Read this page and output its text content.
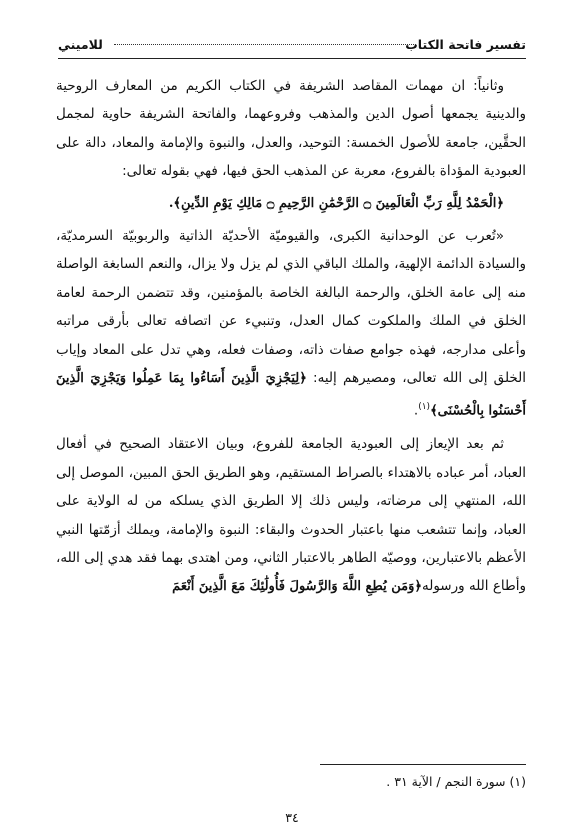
تفسير فاتحة الكتاب
للاميني

وثانياً: ان مهمات المقاصد الشريفة في الكتاب الكريم من المعارف الروحية والدينية يجمعها أصول الدين والمذهب وفروعهما، والفاتحة الشريفة حاوية لمجمل الحقَّين، جامعة للأصول الخمسة: التوحيد، والعدل، والنبوة والإمامة والمعاد، دالة على العبودية المؤداة بالفروع، معربة عن المذهب الحق فيها، فهي بقوله تعالى:

﴿الْحَمْدُ لِلَّهِ رَبِّ الْعَالَمِينَ ۝ الرَّحْمَٰنِ الرَّحِيمِ ۝ مَالِكِ يَوْمِ الدِّينِ﴾.

«تُعرب عن الوحدانية الكبرى، والقيوميّة الأحديّة الذاتية والربوبيّة السرمديّة، والسيادة الدائمة الإلهية، والملك الباقي الذي لم يزل ولا يزال، والنعم السابغة الواصلة منه إلى عامة الخلق، والرحمة البالغة الخاصة بالمؤمنين، وقد تتضمن الرحمة لعامة الخلق في الملك والملكوت كمال العدل، وتنبيء عن اتصافه تعالى بأرقى مراتبه وأعلى مدارجه، فهذه جوامع صفات ذاته، وصفات فعله، وهي تدل على المعاد وإياب الخلق إلى الله تعالى، ومصيرهم إليه: ﴿لِيَجْزِيَ الَّذِينَ أَسَاءُوا بِمَا عَمِلُوا وَيَجْزِيَ الَّذِينَ أَحْسَنُوا بِالْحُسْنَى﴾$^{(١)}$.

ثم بعد الإيعاز إلى العبودية الجامعة للفروع، وبيان الاعتقاد الصحيح في أفعال العباد، أمر عباده بالاهتداء بالصراط المستقيم، وهو الطريق الحق المبين، الموصل إلى الله، المنتهي إلى مرضاته، وليس ذلك إلا الطريق الذي يسلكه من له الولاية على العباد، وإنما تتشعب منها باعتبار الحدوث والبقاء: النبوة والإمامة، ويملك أزمّتها النبي الأعظم بالاعتبارين، ووصيّه الطاهر بالاعتبار الثاني، ومن اهتدى بهما فقد هدي إلى الله، وأطاع الله ورسوله﴿وَمَن يُطِعِ اللَّهَ وَالرَّسُولَ فَأُولَٰئِكَ مَعَ الَّذِينَ أَنْعَمَ

(١) سورة النجم / الآية ٣١ .
٣٤
